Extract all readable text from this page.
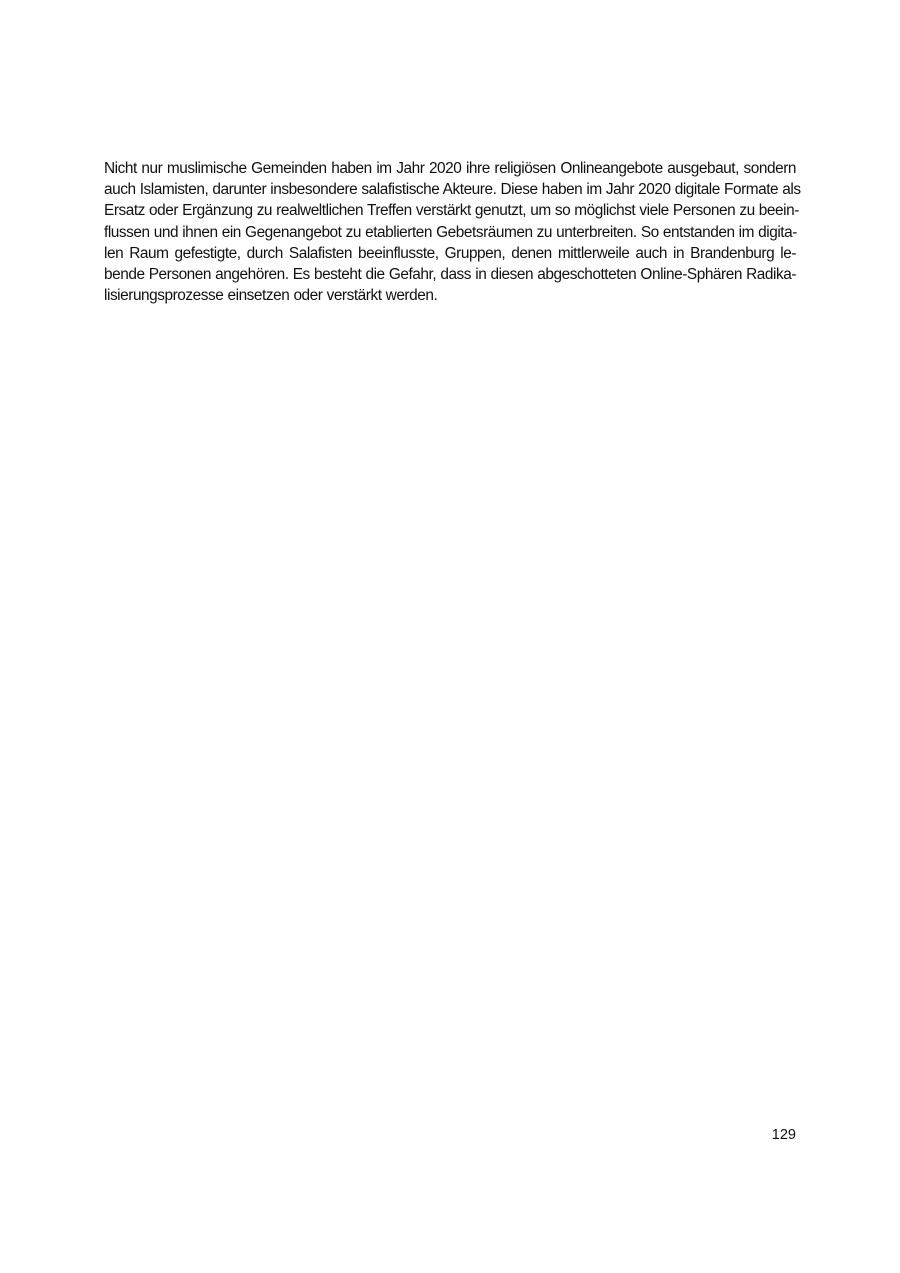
Nicht nur muslimische Gemeinden haben im Jahr 2020 ihre religiösen Onlineangebote ausgebaut, sondern
auch Islamisten, darunter insbesondere salafistische Akteure. Diese haben im Jahr 2020 digitale Formate als
Ersatz oder Ergänzung zu realweltlichen Treffen verstärkt genutzt, um so möglichst viele Personen zu beein-
flussen und ihnen ein Gegenangebot zu etablierten Gebetsräumen zu unterbreiten. So entstanden im digita-
len Raum gefestigte, durch Salafisten beeinflusste, Gruppen, denen mittlerweile auch in Brandenburg le-
bende Personen angehören. Es besteht die Gefahr, dass in diesen abgeschotteten Online-Sphären Radika-
lisierungsprozesse einsetzen oder verstärkt werden.

129
